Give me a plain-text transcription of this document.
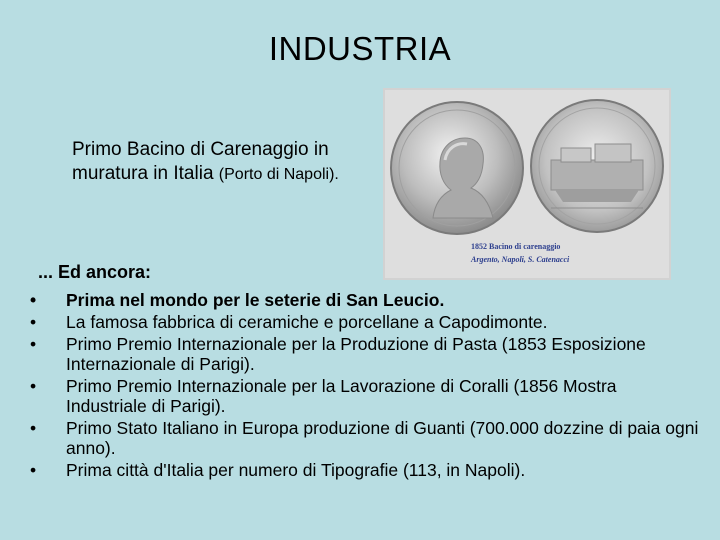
INDUSTRIA
Primo Bacino di Carenaggio in
muratura in Italia (Porto di Napoli).
1852 Bacino di carenaggio
Argento, Napoli, S. Catenacci
... Ed ancora:
• Prima nel mondo per le seterie di San Leucio.
• La famosa fabbrica di ceramiche e porcellane a Capodimonte.
• Primo Premio Internazionale per la Produzione di Pasta (1853 Esposizione Internazionale di Parigi).
• Primo Premio Internazionale per la Lavorazione di Coralli (1856 Mostra Industriale di Parigi).
• Primo Stato Italiano in Europa produzione di Guanti (700.000 dozzine di paia ogni anno).
• Prima città d'Italia per numero di Tipografie (113, in Napoli).
